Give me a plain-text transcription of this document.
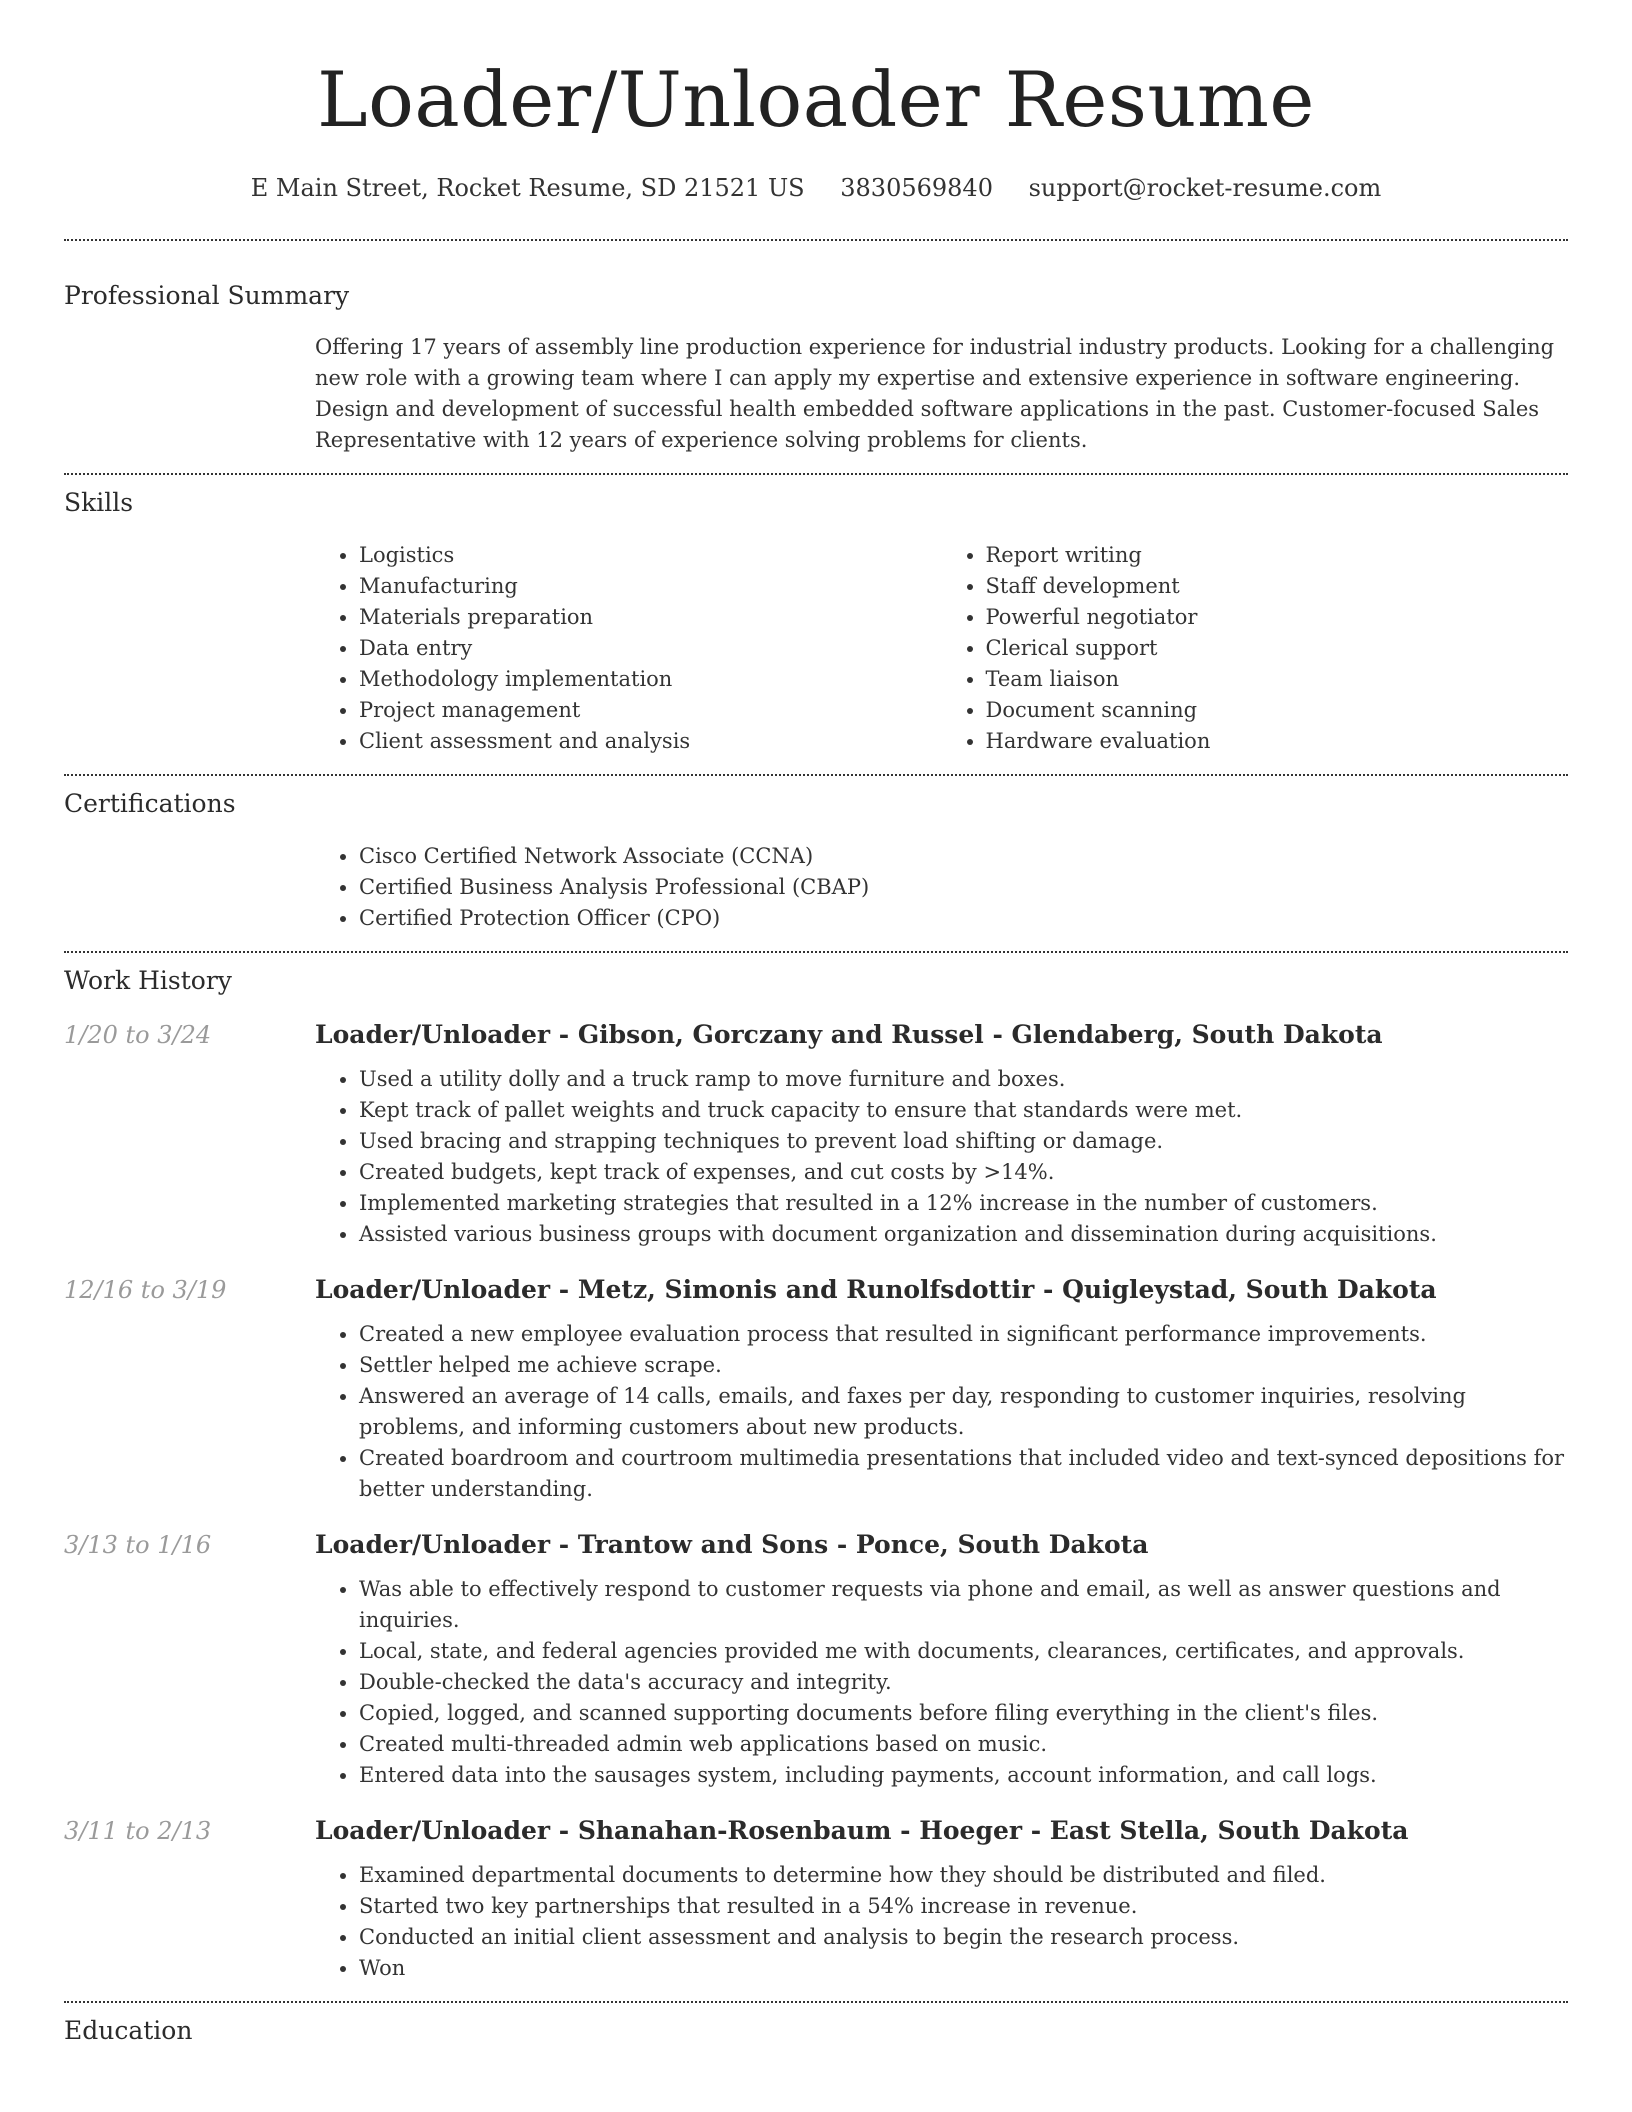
Loader/Unloader Resume
E Main Street, Rocket Resume, SD 21521 US 3830569840 support@rocket-resume.com
Professional Summary

Offering 17 years of assembly line production experience for industrial industry products. Looking for a challenging new role with a growing team where I can apply my expertise and extensive experience in software engineering. Design and development of successful health embedded software applications in the past. Customer-focused Sales Representative with 12 years of experience solving problems for clients.

Skills
• Logistics
• Manufacturing
• Materials preparation
• Data entry
• Methodology implementation
• Project management
• Client assessment and analysis
• Report writing
• Staff development
• Powerful negotiator
• Clerical support
• Team liaison
• Document scanning
• Hardware evaluation
Certifications
• Cisco Certified Network Associate (CCNA)
• Certified Business Analysis Professional (CBAP)
• Certified Protection Officer (CPO)
Work History
1/20 to 3/24	Loader/Unloader - Gibson, Gorczany and Russel - Glendaberg, South Dakota
• Used a utility dolly and a truck ramp to move furniture and boxes.
• Kept track of pallet weights and truck capacity to ensure that standards were met.
• Used bracing and strapping techniques to prevent load shifting or damage.
• Created budgets, kept track of expenses, and cut costs by >14%.
• Implemented marketing strategies that resulted in a 12% increase in the number of customers.
• Assisted various business groups with document organization and dissemination during acquisitions.
12/16 to 3/19	Loader/Unloader - Metz, Simonis and Runolfsdottir - Quigleystad, South Dakota
• Created a new employee evaluation process that resulted in significant performance improvements.
• Settler helped me achieve scrape.
• Answered an average of 14 calls, emails, and faxes per day, responding to customer inquiries, resolving problems, and informing customers about new products.
• Created boardroom and courtroom multimedia presentations that included video and text-synced depositions for better understanding.
3/13 to 1/16	Loader/Unloader - Trantow and Sons - Ponce, South Dakota
• Was able to effectively respond to customer requests via phone and email, as well as answer questions and inquiries.
• Local, state, and federal agencies provided me with documents, clearances, certificates, and approvals.
• Double-checked the data's accuracy and integrity.
• Copied, logged, and scanned supporting documents before filing everything in the client's files.
• Created multi-threaded admin web applications based on music.
• Entered data into the sausages system, including payments, account information, and call logs.
3/11 to 2/13	Loader/Unloader - Shanahan-Rosenbaum - Hoeger - East Stella, South Dakota
• Examined departmental documents to determine how they should be distributed and filed.
• Started two key partnerships that resulted in a 54% increase in revenue.
• Conducted an initial client assessment and analysis to begin the research process.
• Won
Education
